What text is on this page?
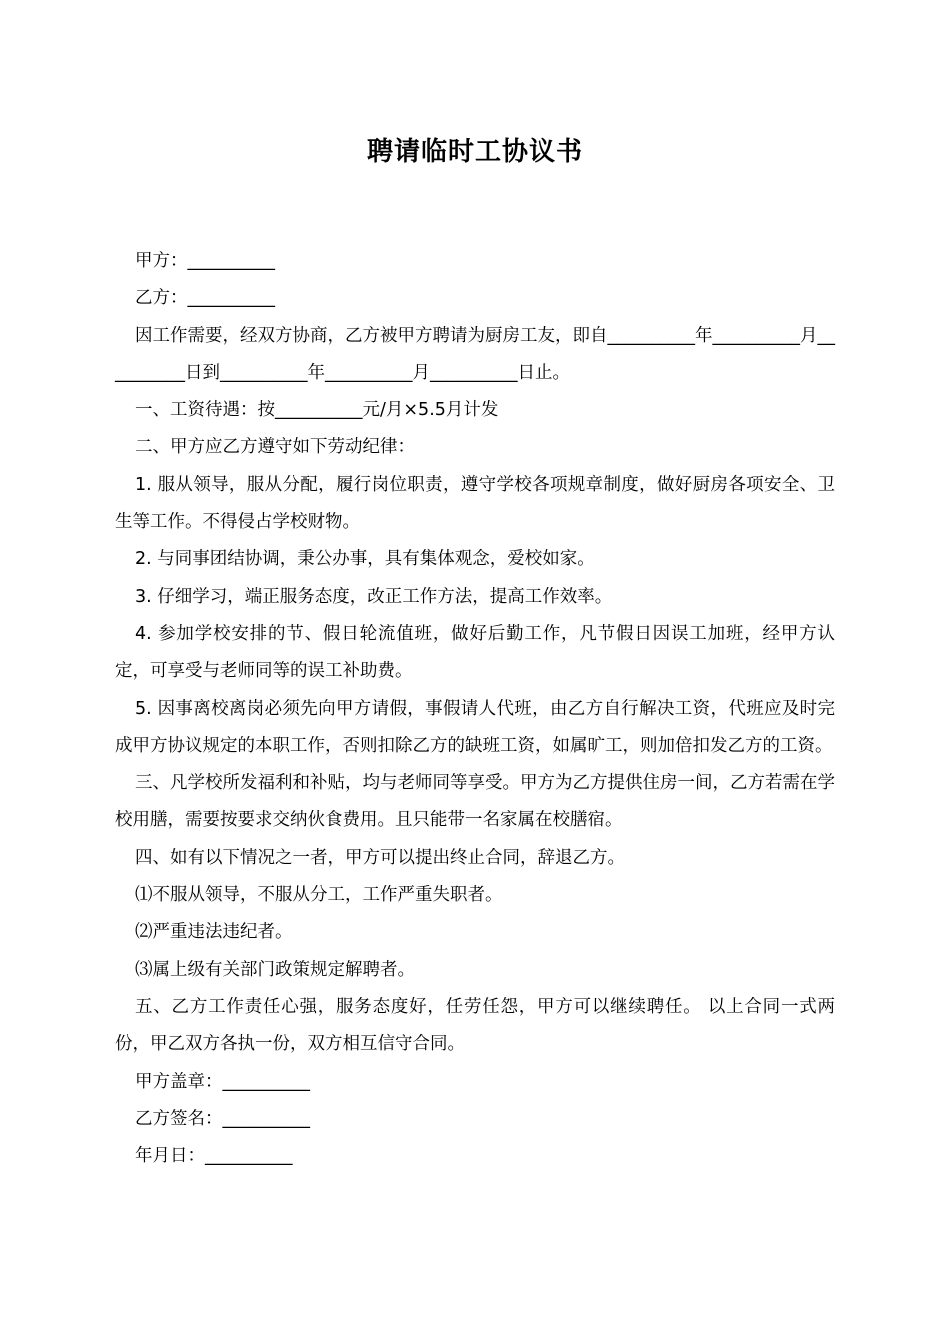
聘请临时工协议书

甲方：__________

乙方：__________

因工作需要，经双方协商，乙方被甲方聘请为厨房工友，即自__________年__________月__________日到__________年__________月__________日止。

一、工资待遇：按__________元/月×5.5月计发

二、甲方应乙方遵守如下劳动纪律：

1. 服从领导，服从分配，履行岗位职责，遵守学校各项规章制度，做好厨房各项安全、卫生等工作。不得侵占学校财物。

2. 与同事团结协调，秉公办事，具有集体观念，爱校如家。

3. 仔细学习，端正服务态度，改正工作方法，提高工作效率。

4. 参加学校安排的节、假日轮流值班，做好后勤工作，凡节假日因误工加班，经甲方认定，可享受与老师同等的误工补助费。

5. 因事离校离岗必须先向甲方请假，事假请人代班，由乙方自行解决工资，代班应及时完成甲方协议规定的本职工作，否则扣除乙方的缺班工资，如属旷工，则加倍扣发乙方的工资。

三、凡学校所发福利和补贴，均与老师同等享受。甲方为乙方提供住房一间，乙方若需在学校用膳，需要按要求交纳伙食费用。且只能带一名家属在校膳宿。

四、如有以下情况之一者，甲方可以提出终止合同，辞退乙方。

⑴不服从领导，不服从分工，工作严重失职者。

⑵严重违法违纪者。

⑶属上级有关部门政策规定解聘者。

五、乙方工作责任心强，服务态度好，任劳任怨，甲方可以继续聘任。 以上合同一式两份，甲乙双方各执一份，双方相互信守合同。

甲方盖章：__________

乙方签名：__________

年月日：__________
